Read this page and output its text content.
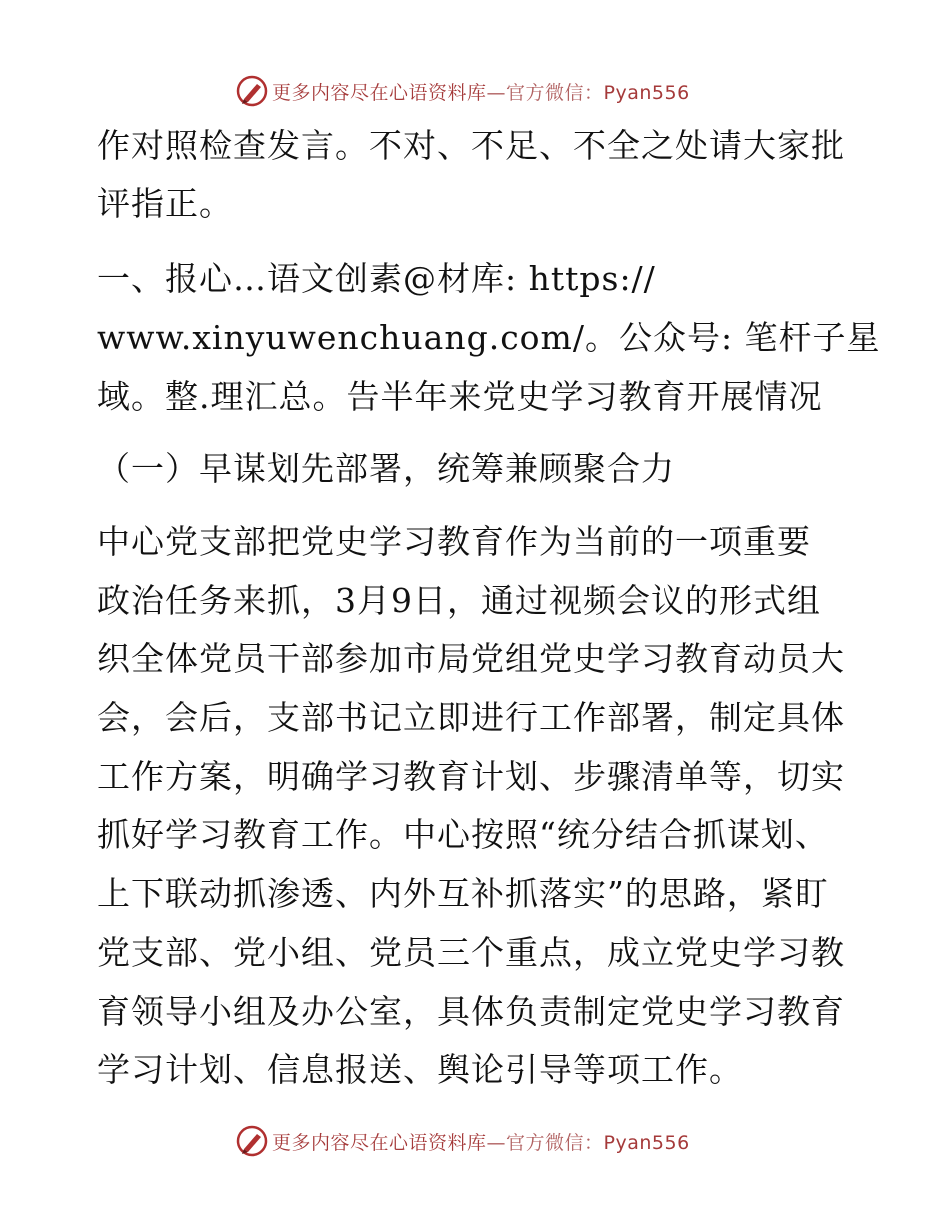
更多内容尽在心语资料库—官方微信：Pyan556
作对照检查发言。不对、不足、不全之处请大家批
评指正。
一、报心…语文创素@材库: https://
www.xinyuwenchuang.com/。公众号: 笔杆子星
域。整.理汇总。告半年来党史学习教育开展情况
（一）早谋划先部署，统筹兼顾聚合力
中心党支部把党史学习教育作为当前的一项重要
政治任务来抓，3月9日，通过视频会议的形式组
织全体党员干部参加市局党组党史学习教育动员大
会，会后，支部书记立即进行工作部署，制定具体
工作方案，明确学习教育计划、步骤清单等，切实
抓好学习教育工作。中心按照“统分结合抓谋划、
上下联动抓渗透、内外互补抓落实”的思路，紧盯
党支部、党小组、党员三个重点，成立党史学习教
育领导小组及办公室，具体负责制定党史学习教育
学习计划、信息报送、舆论引导等项工作。
更多内容尽在心语资料库—官方微信：Pyan556
